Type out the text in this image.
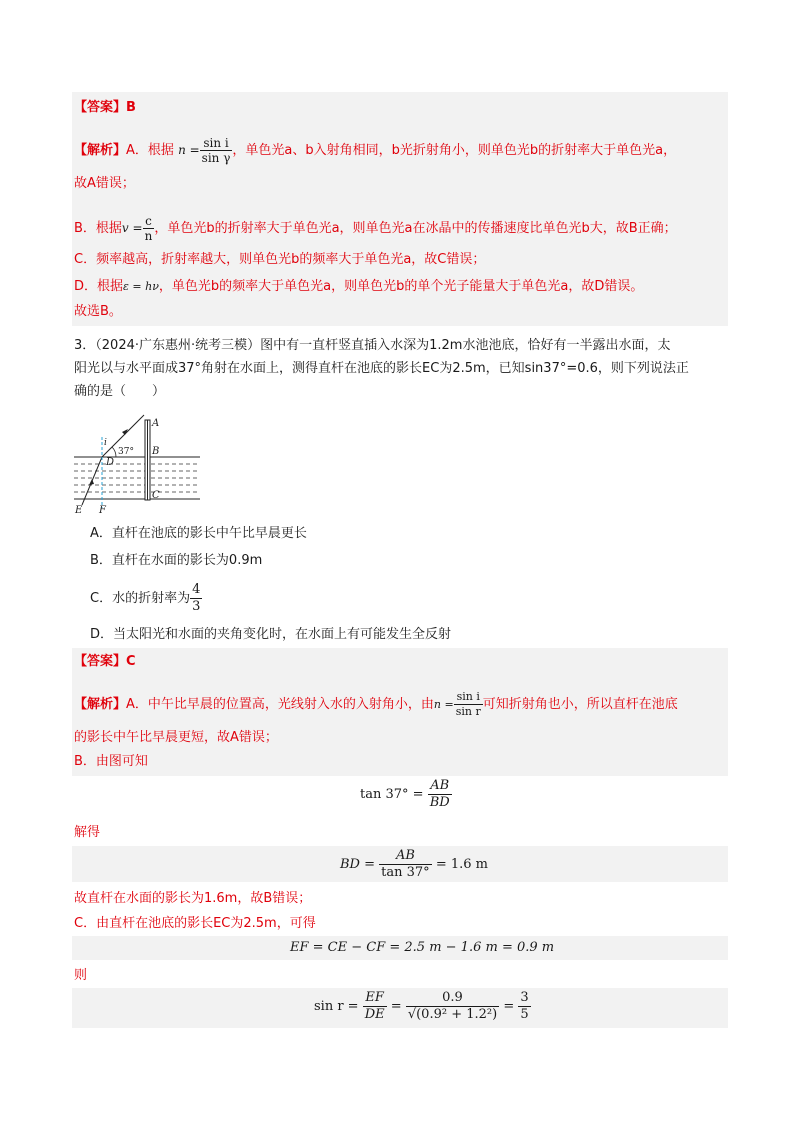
【答案】B
【解析】A．根据 $n = \frac{\text{sin i}}{\text{sin γ}}$ ，单色光a、b入射角相同，b光折射角小，则单色光b的折射率大于单色光a，
故A错误；
B．根据$v = \frac{c}{n}$ ，单色光b的折射率大于单色光a，则单色光a在冰晶中的传播速度比单色光b大，故B正确；
C．频率越高，折射率越大，则单色光b的频率大于单色光a，故C错误；
D．根据ε = hν，单色光b的频率大于单色光a，则单色光b的单个光子能量大于单色光a，故D错误。
故选B。
3．（2024·广东惠州·统考三模）图中有一直杆竖直插入水深为1.2m水池池底，恰好有一半露出水面，太
阳光以与水平面成37°角射在水面上，测得直杆在池底的影长EC为2.5m，已知sin37°=0.6，则下列说法正
确的是（　　）
A
B
C
D
E F
i
37°
A．直杆在池底的影长中午比早晨更长
B．直杆在水面的影长为0.9m
C．水的折射率为 $\frac{4}{3}$
D．当太阳光和水面的夹角变化时，在水面上有可能发生全反射
【答案】C
【解析】A．中午比早晨的位置高，光线射入水的入射角小，由$n = \frac{\text{sin i}}{\text{sin r}}$ 可知折射角也小，所以直杆在池底
的影长中午比早晨更短，故A错误；
B．由图可知
$\tan 37^\circ = \frac{AB}{BD}$
解得
BD = $\frac{AB}{\tan 37^\circ} = 1.6$ m
故直杆在水面的影长为1.6m，故B错误；
C．由直杆在池底的影长EC为2.5m，可得
EF = CE − CF = 2.5 m − 1.6 m = 0.9 m
则
$\sin r = \frac{EF}{DE} = \frac{0.9}{\text{√(0.9² + 1.2²)}} = \frac{3}{5}$
